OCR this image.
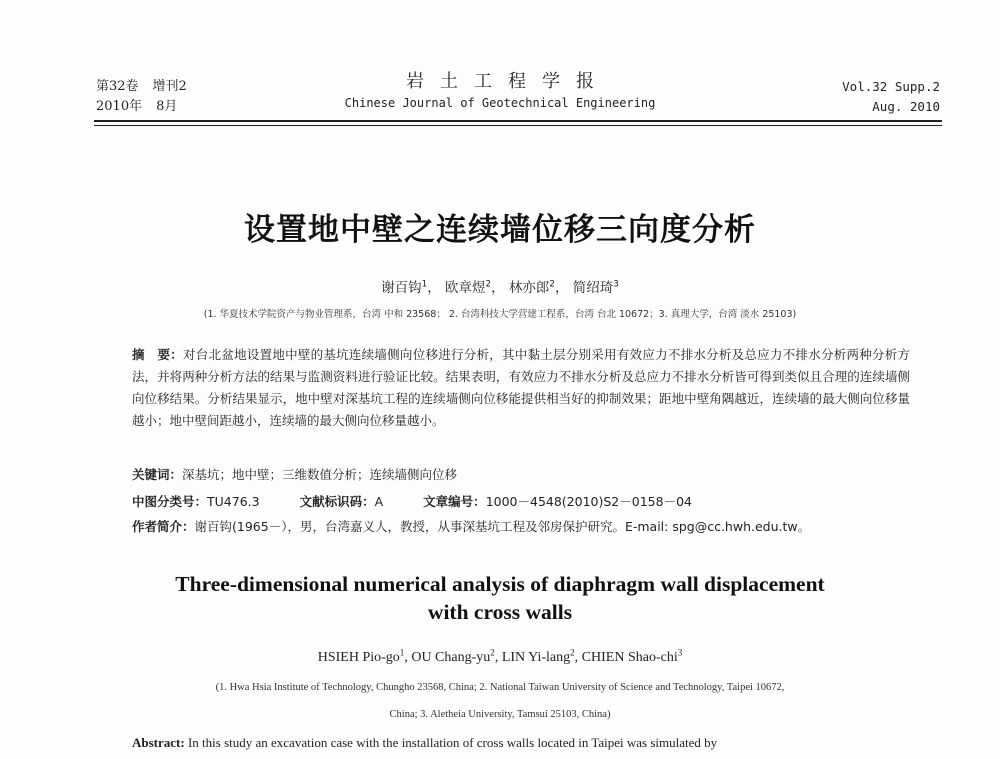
第32卷 增刊2
2010年 8月
岩土工程学报
Chinese Journal of Geotechnical Engineering
Vol.32 Supp.2
Aug. 2010
设置地中壁之连续墙位移三向度分析
谢百钩$^1$， 欧章煜$^2$， 林亦郎$^2$， 简绍琦$^3$
(1. 华夏技术学院资产与物业管理系，台湾 中和 23568； 2. 台湾科技大学营建工程系，台湾 台北 10672；3. 真理大学，台湾 淡水 25103)
摘　要：对台北盆地设置地中壁的基坑连续墙侧向位移进行分析，其中黏土层分别采用有效应力不排水分析及总应力不排水分析两种分析方法，并将两种分析方法的结果与监测资料进行验证比较。结果表明，有效应力不排水分析及总应力不排水分析皆可得到类似且合理的连续墙侧向位移结果。分析结果显示，地中壁对深基坑工程的连续墙侧向位移能提供相当好的抑制效果；距地中壁角隅越近，连续墙的最大侧向位移量越小；地中壁间距越小，连续墙的最大侧向位移量越小。
关键词：深基坑；地中壁；三维数值分析；连续墙侧向位移
中图分类号：TU476.3	文献标识码：A	文章编号：1000－4548(2010)S2－0158－04
作者简介：谢百钩(1965－），男，台湾嘉义人，教授，从事深基坑工程及邻房保护研究。E-mail: spg@cc.hwh.edu.tw。
Three-dimensional numerical analysis of diaphragm wall displacement
with cross walls
HSIEH Pio-$go^1$, OU Chang-$yu^2$, LIN Yi-lang$^2$, CHIEN Shao-chi$^3$
(1. Hwa Hsia Institute of Technology, Chungho 23568, China; 2. National Taiwan University of Science and Technology, Taipei 10672,
China; 3. Aletheia University, Tamsui 25103, China)
Abstract: In this study an excavation case with the installation of cross walls located in Taipei was simulated by
